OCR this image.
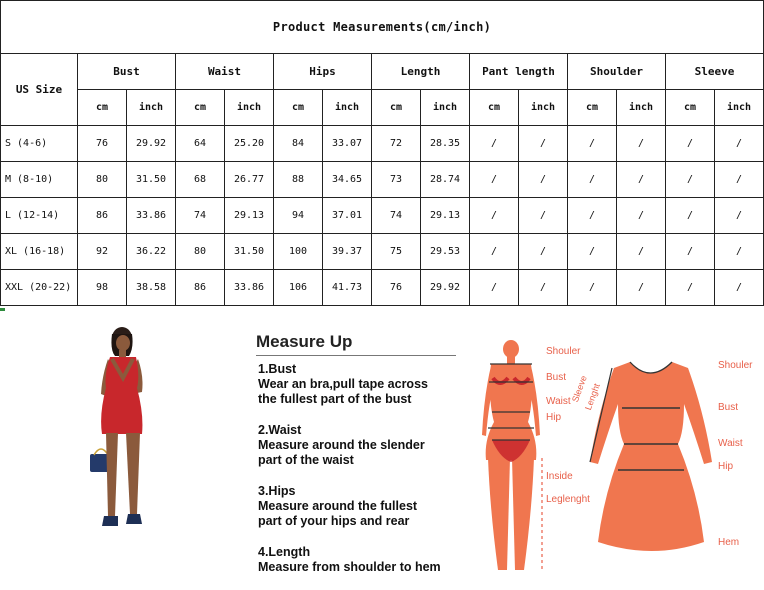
Product Measurements(cm/inch)														
US Size	Bust		Waist		Hips		Length		Pant length		Shoulder		Sleeve	
	cm	inch	cm	inch	cm	inch	cm	inch	cm	inch	cm	inch	cm	inch
S (4-6)	76	29.92	64	25.20	84	33.07	72	28.35	/	/	/	/	/	/
M (8-10)	80	31.50	68	26.77	88	34.65	73	28.74	/	/	/	/	/	/
L (12-14)	86	33.86	74	29.13	94	37.01	74	29.13	/	/	/	/	/	/
XL (16-18)	92	36.22	80	31.50	100	39.37	75	29.53	/	/	/	/	/	/
XXL (20-22)	98	38.58	86	33.86	106	41.73	76	29.92	/	/	/	/	/	/
Measure Up
1.Bust
Wear an bra,pull tape across
the fullest part of the bust
2.Waist
Measure around the slender
part of the waist
3.Hips
Measure around the fullest
part of your hips and rear
4.Length
Measure from shoulder to hem
Shouler
Bust
Waist
Hip
Inside
Leglenght
Shouler
Bust
Waist
Hip
Hem
Sleeve
Lenght
